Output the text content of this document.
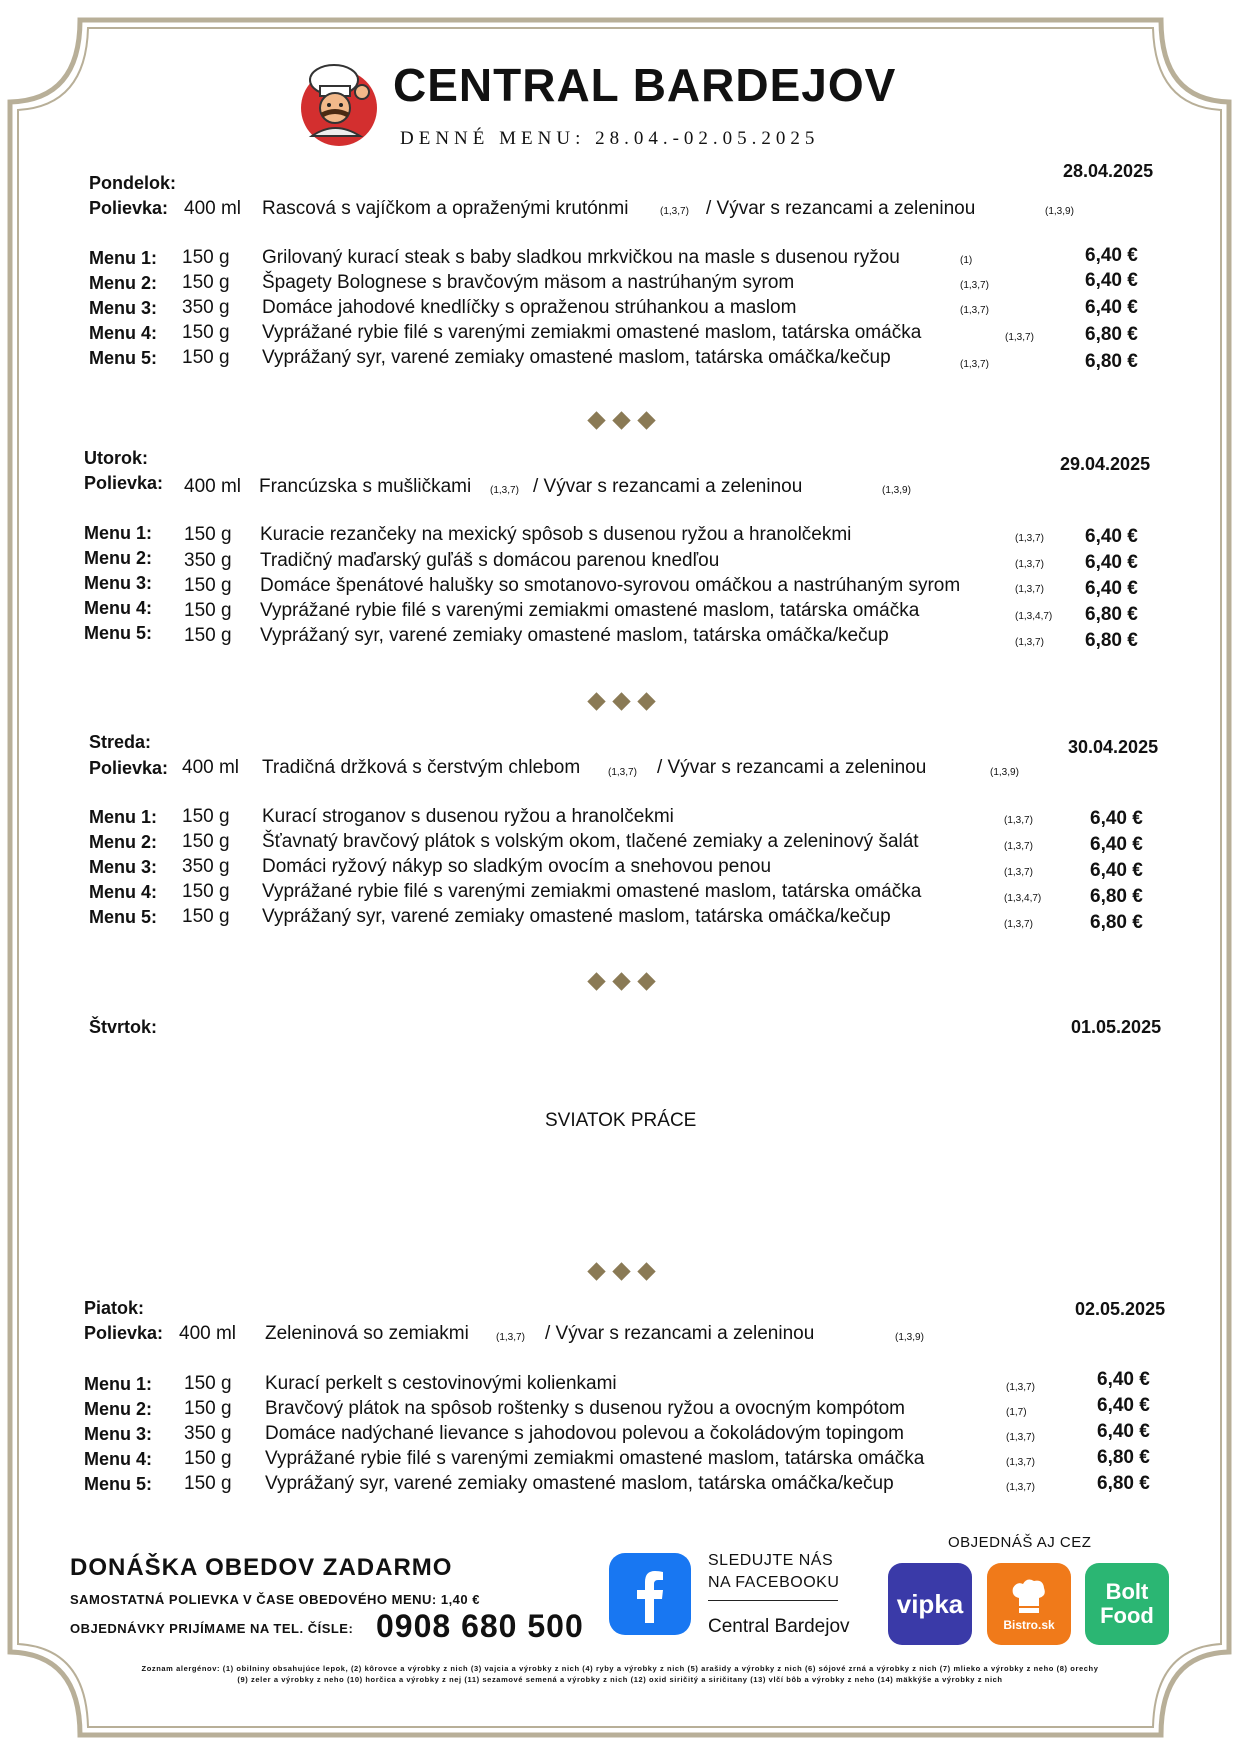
CENTRAL BARDEJOV
DENNÉ MENU: 28.04.-02.05.2025
Pondelok:
28.04.2025
Polievka: 400 ml Rascová s vajíčkom a opraženými krutónmi	(1,3,7) / Vývar s rezancami a zeleninou	(1,3,9)
Menu 1: 150 g Grilovaný kurací steak s baby sladkou mrkvičkou na masle s dusenou ryžou	(1)	6,40 €
Menu 2: 150 g Špagety Bolognese s bravčovým mäsom a nastrúhaným syrom	(1,3,7)	6,40 €
Menu 3: 350 g Domáce jahodové knedlíčky s opraženou strúhankou a maslom	(1,3,7)	6,40 €
Menu 4: 150 g Vyprážané rybie filé s varenými zemiakmi omastené maslom, tatárska omáčka	(1,3,7)	6,80 €
Menu 5: 150 g Vyprážaný syr, varené zemiaky omastené maslom, tatárska omáčka/kečup	(1,3,7)	6,80 €
Utorok:	29.04.2025
Polievka: 400 ml Francúzska s mušličkami (1,3,7) / Vývar s rezancami a zeleninou	(1,3,9)
Menu 1: 150 g Kuracie rezančeky na mexický spôsob s dusenou ryžou a hranolčekmi	(1,3,7) 6,40 €
Menu 2: 350 g Tradičný maďarský guľáš s domácou parenou knedľou	(1,3,7) 6,40 €
Menu 3: 150 g Domáce špenátové halušky so smotanovo-syrovou omáčkou a nastrúhaným syrom	(1,3,7) 6,40 €
Menu 4: 150 g Vyprážané rybie filé s varenými zemiakmi omastené maslom, tatárska omáčka	(1,3,4,7) 6,80 €
Menu 5: 150 g Vyprážaný syr, varené zemiaky omastené maslom, tatárska omáčka/kečup	(1,3,7) 6,80 €
Streda:	30.04.2025
Polievka: 400 ml Tradičná držková s čerstvým chlebom	(1,3,7) / Vývar s rezancami a zeleninou	(1,3,9)
Menu 1: 150 g Kurací stroganov s dusenou ryžou a hranolčekmi	(1,3,7)	6,40 €
Menu 2: 150 g Šťavnatý bravčový plátok s volským okom, tlačené zemiaky a zeleninový šalát	(1,3,7)	6,40 €
Menu 3: 350 g Domáci ryžový nákyp so sladkým ovocím a snehovou penou	(1,3,7)	6,40 €
Menu 4: 150 g Vyprážané rybie filé s varenými zemiakmi omastené maslom, tatárska omáčka	(1,3,4,7)	6,80 €
Menu 5: 150 g Vyprážaný syr, varené zemiaky omastené maslom, tatárska omáčka/kečup	(1,3,7)	6,80 €
Štvrtok:	01.05.2025
SVIATOK PRÁCE
Piatok:	02.05.2025
Polievka: 400 ml Zeleninová so zemiakmi	(1,3,7) / Vývar s rezancami a zeleninou	(1,3,9)
Menu 1: 150 g Kurací perkelt s cestovinovými kolienkami	(1,3,7)	6,40 €
Menu 2: 150 g Bravčový plátok na spôsob roštenky s dusenou ryžou a ovocným kompótom	(1,7)	6,40 €
Menu 3: 350 g Domáce nadýchané lievance s jahodovou polevou a čokoládovým topingom	(1,3,7)	6,40 €
Menu 4: 150 g Vyprážané rybie filé s varenými zemiakmi omastené maslom, tatárska omáčka	(1,3,7)	6,80 €
Menu 5: 150 g Vyprážaný syr, varené zemiaky omastené maslom, tatárska omáčka/kečup	(1,3,7)	6,80 €
DONÁŠKA OBEDOV ZADARMO
SAMOSTATNÁ POLIEVKA V ČASE OBEDOVÉHO MENU: 1,40 €
OBJEDNÁVKY PRIJÍMAME NA TEL. ČÍSLE: 0908 680 500
SLEDUJTE NÁS
NA FACEBOOKU
Central Bardejov
OBJEDNÁŠ AJ CEZ
vipka
Bistro.sk
Bolt
Food
Zoznam alergénov: (1) obilniny obsahujúce lepok, (2) kôrovce a výrobky z nich (3) vajcia a výrobky z nich (4) ryby a výrobky z nich (5) arašidy a výrobky z nich (6) sójové zrná a výrobky z nich (7) mlieko a výrobky z neho (8) orechy (9) zeler a výrobky z neho (10) horčica a výrobky z nej (11) sezamové semená a výrobky z nich (12) oxid siričitý a siričitany (13) vlčí bôb a výrobky z neho (14) mäkkýše a výrobky z nich
